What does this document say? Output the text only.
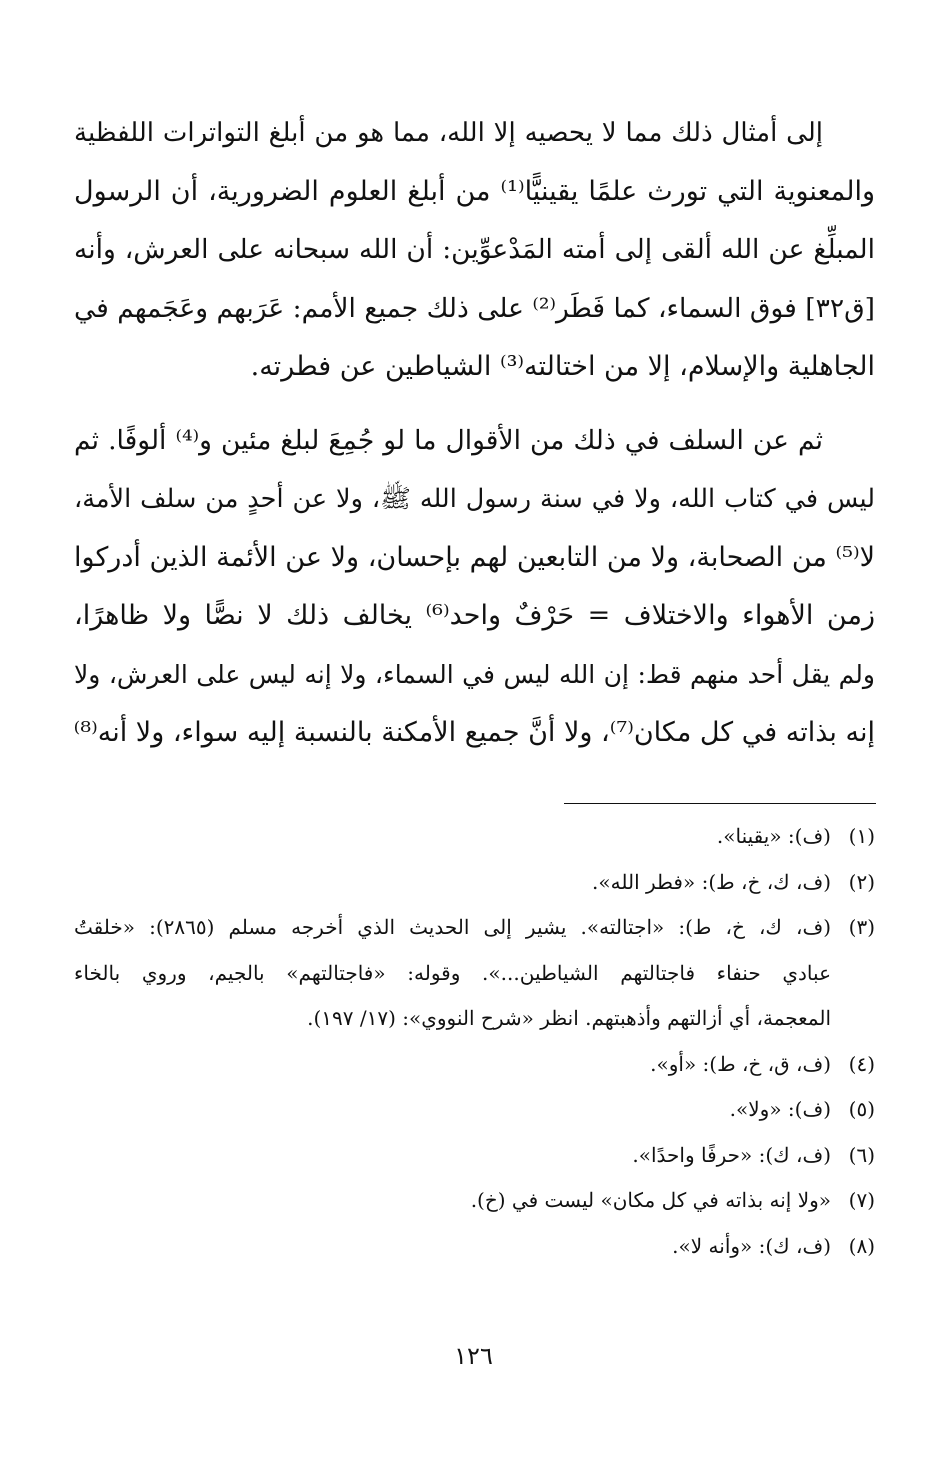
إلى أمثال ذلك مما لا يحصيه إلا الله، مما هو من أبلغ التواترات اللفظية
والمعنوية التي تورث علمًا يقينيًّا⁽¹⁾ من أبلغ العلوم الضرورية، أن الرسول
المبلِّغ عن الله ألقى إلى أمته المَدْعوِّين: أن الله سبحانه على العرش، وأنه
[ق٣٢] فوق السماء، كما فَطَر⁽²⁾ على ذلك جميع الأمم: عَرَبهم وعَجَمهم في
الجاهلية والإسلام، إلا من اختالته⁽³⁾ الشياطين عن فطرته.
ثم عن السلف في ذلك من الأقوال ما لو جُمِعَ لبلغ مئين و⁽⁴⁾ ألوفًا. ثم
ليس في كتاب الله، ولا في سنة رسول الله ﷺ، ولا عن أحدٍ من سلف الأمة،
لا⁽⁵⁾ من الصحابة، ولا من التابعين لهم بإحسان، ولا عن الأئمة الذين أدركوا
زمن الأهواء والاختلاف = حَرْفٌ واحد⁽⁶⁾ يخالف ذلك لا نصًّا ولا ظاهرًا،
ولم يقل أحد منهم قط: إن الله ليس في السماء، ولا إنه ليس على العرش، ولا
إنه بذاته في كل مكان⁽⁷⁾، ولا أنَّ جميع الأمكنة بالنسبة إليه سواء، ولا أنه⁽⁸⁾
(١)(ف): «يقينا».
(٢)(ف، ك، خ، ط): «فطر الله».
(٣)(ف، ك، خ، ط): «اجتالته». يشير إلى الحديث الذي أخرجه مسلم (٢٨٦٥): «خلقتُ
عبادي حنفاء فاجتالتهم الشياطين...». وقوله: «فاجتالتهم» بالجيم، وروي بالخاء
المعجمة، أي أزالتهم وأذهبتهم. انظر «شرح النووي»: (١٧/ ١٩٧).
(٤)(ف، ق، خ، ط): «أو».
(٥)(ف): «ولا».
(٦)(ف، ك): «حرفًا واحدًا».
(٧)«ولا إنه بذاته في كل مكان» ليست في (خ).
(٨)(ف، ك): «وأنه لا».
١٢٦
